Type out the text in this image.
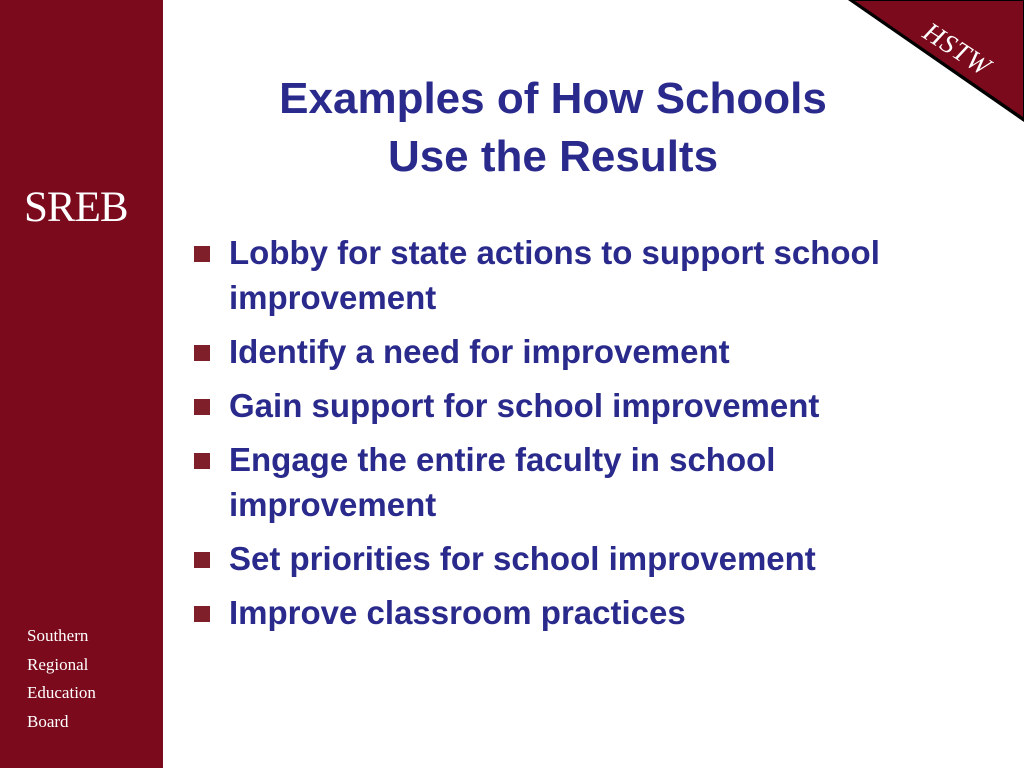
SREB
Southern
Regional
Education
Board
HSTW
Examples of How Schools
Use the Results
Lobby for state actions to support school improvement
Identify a need for improvement
Gain support for school improvement
Engage the entire faculty in school improvement
Set priorities for school improvement
Improve classroom practices
